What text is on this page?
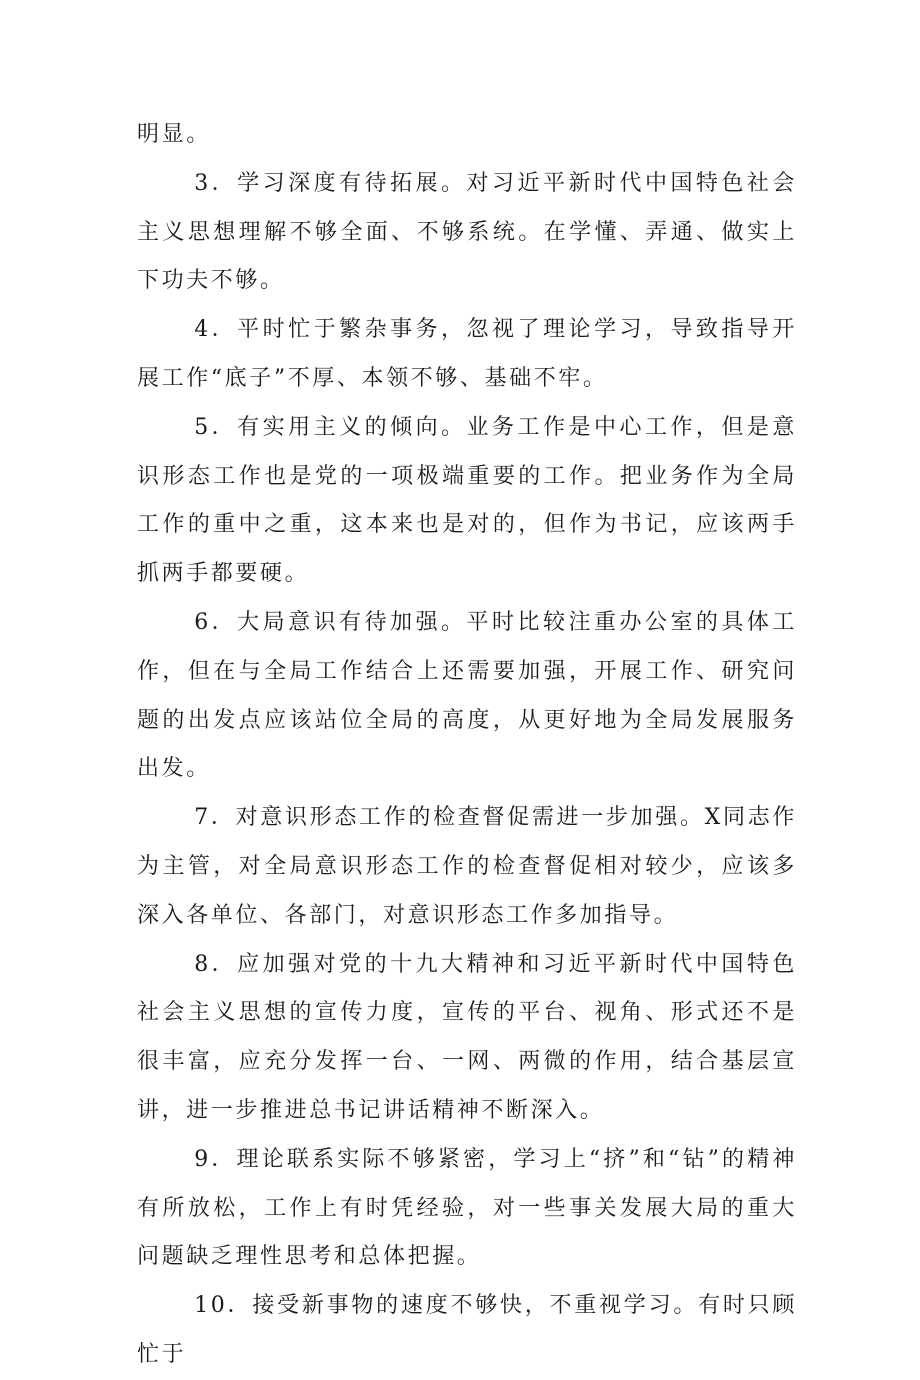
明显。

3．学习深度有待拓展。对习近平新时代中国特色社会主义思想理解不够全面、不够系统。在学懂、弄通、做实上下功夫不够。

4．平时忙于繁杂事务，忽视了理论学习，导致指导开展工作“底子”不厚、本领不够、基础不牢。

5．有实用主义的倾向。业务工作是中心工作，但是意识形态工作也是党的一项极端重要的工作。把业务作为全局工作的重中之重，这本来也是对的，但作为书记，应该两手抓两手都要硬。

6．大局意识有待加强。平时比较注重办公室的具体工作，但在与全局工作结合上还需要加强，开展工作、研究问题的出发点应该站位全局的高度，从更好地为全局发展服务出发。

7．对意识形态工作的检查督促需进一步加强。X同志作为主管，对全局意识形态工作的检查督促相对较少，应该多深入各单位、各部门，对意识形态工作多加指导。

8．应加强对党的十九大精神和习近平新时代中国特色社会主义思想的宣传力度，宣传的平台、视角、形式还不是很丰富，应充分发挥一台、一网、两微的作用，结合基层宣讲，进一步推进总书记讲话精神不断深入。

9．理论联系实际不够紧密，学习上“挤”和“钻”的精神有所放松，工作上有时凭经验，对一些事关发展大局的重大问题缺乏理性思考和总体把握。

10．接受新事物的速度不够快，不重视学习。有时只顾忙于
